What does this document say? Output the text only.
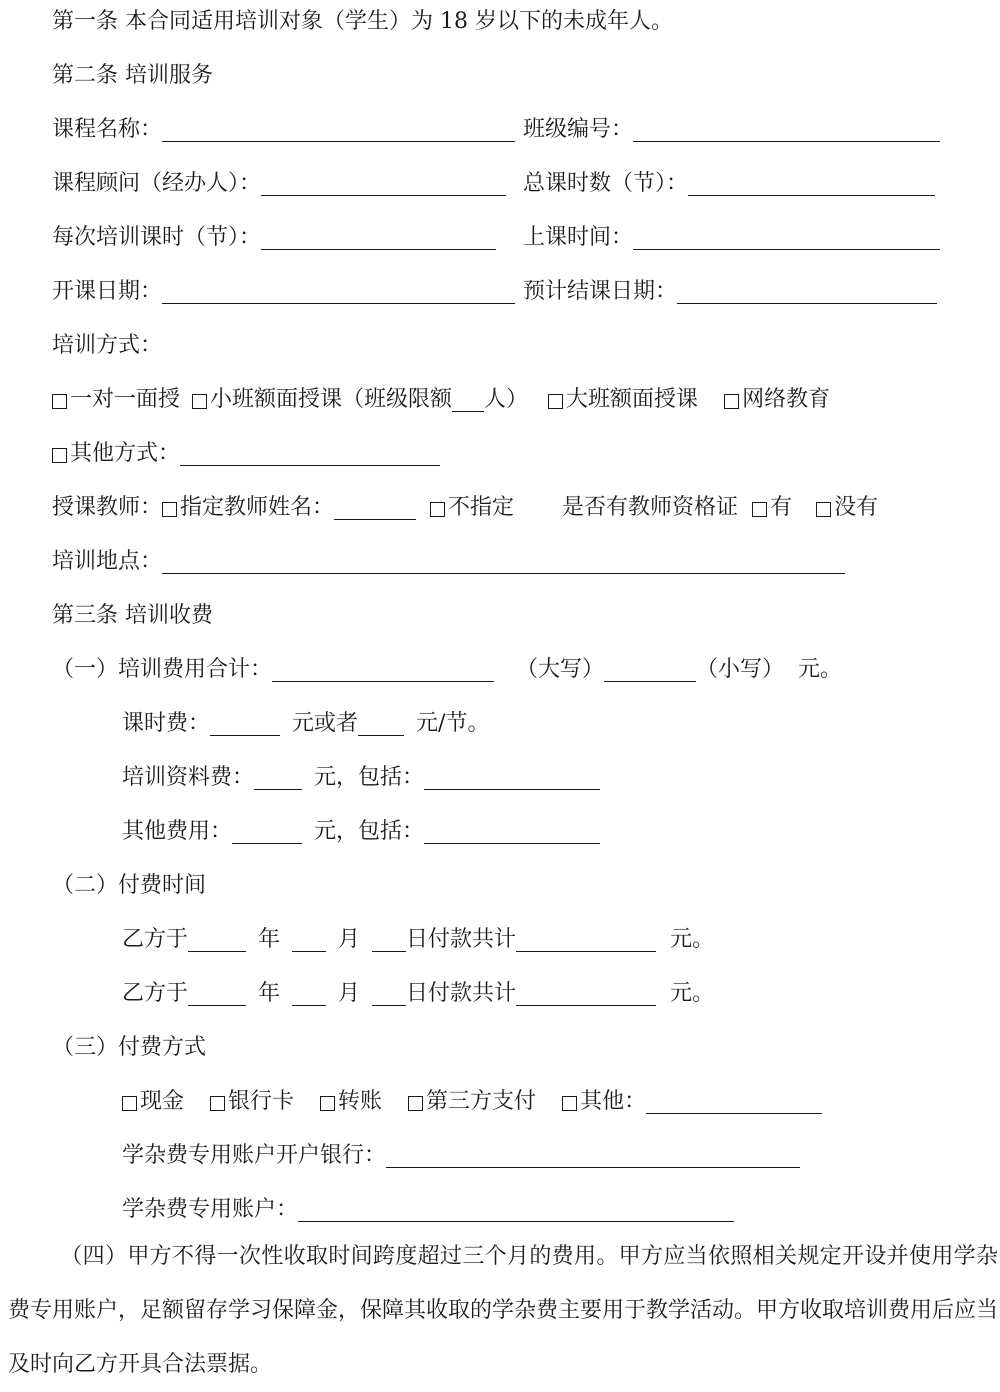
第一条 本合同适用培训对象（学生）为 18 岁以下的未成年人。
第二条 培训服务
课程名称：	班级编号：
课程顾问（经办人）：	总课时数（节）：
每次培训课时（节）：	上课时间：
开课日期：	预计结课日期：
培训方式：
一对一面授 小班额面授课（班级限额 人） 大班额面授课 网络教育
其他方式：
授课教师： 指定教师姓名：	不指定 是否有教师资格证 有 没有
培训地点：
第三条 培训收费
（一）培训费用合计：	（大写）	（小写） 元。
课时费：	元或者	元/节。
培训资料费：	元，包括：
其他费用：	元，包括：
（二）付费时间
乙方于	年	月 日付款共计	元。
乙方于	年	月 日付款共计	元。
（三）付费方式
现金 银行卡 转账 第三方支付 其他：
学杂费专用账户开户银行：
学杂费专用账户：
（四）甲方不得一次性收取时间跨度超过三个月的费用。甲方应当依照相关规定开设并使用学杂费专用账户，足额留存学习保障金，保障其收取的学杂费主要用于教学活动。甲方收取培训费用后应当及时向乙方开具合法票据。
